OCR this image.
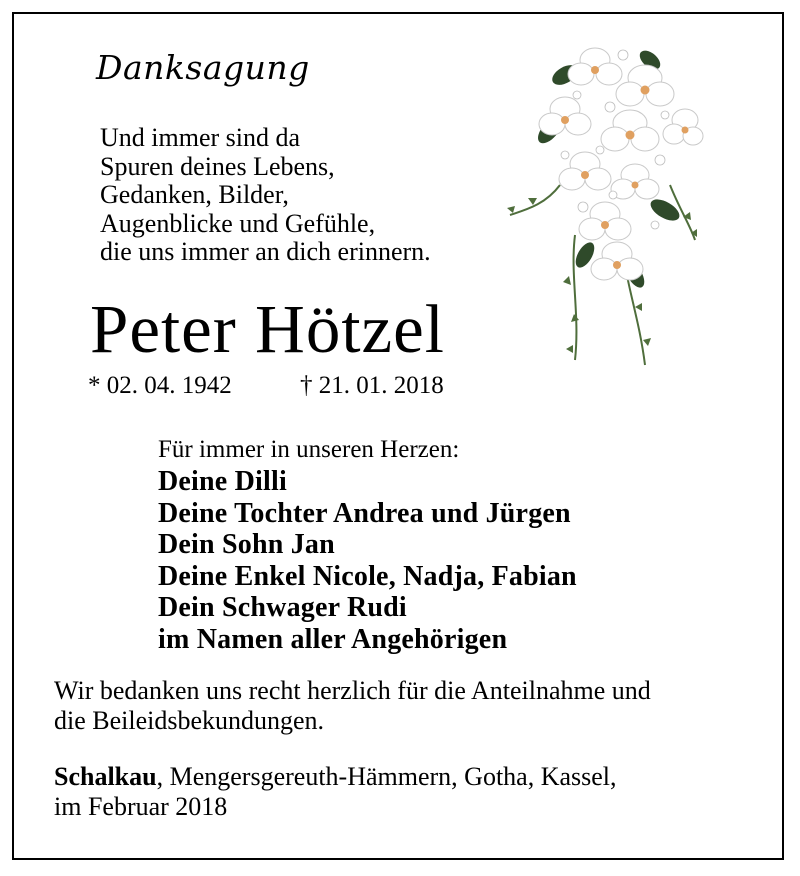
Danksagung
Und immer sind da
Spuren deines Lebens,
Gedanken, Bilder,
Augenblicke und Gefühle,
die uns immer an dich erinnern.
Peter Hötzel
* 02. 04. 1942	† 21. 01. 2018
Für immer in unseren Herzen:
Deine Dilli
Deine Tochter Andrea und Jürgen
Dein Sohn Jan
Deine Enkel Nicole, Nadja, Fabian
Dein Schwager Rudi
im Namen aller Angehörigen
Wir bedanken uns recht herzlich für die Anteilnahme und
die Beileidsbekundungen.
Schalkau, Mengersgereuth-Hämmern, Gotha, Kassel,
im Februar 2018
